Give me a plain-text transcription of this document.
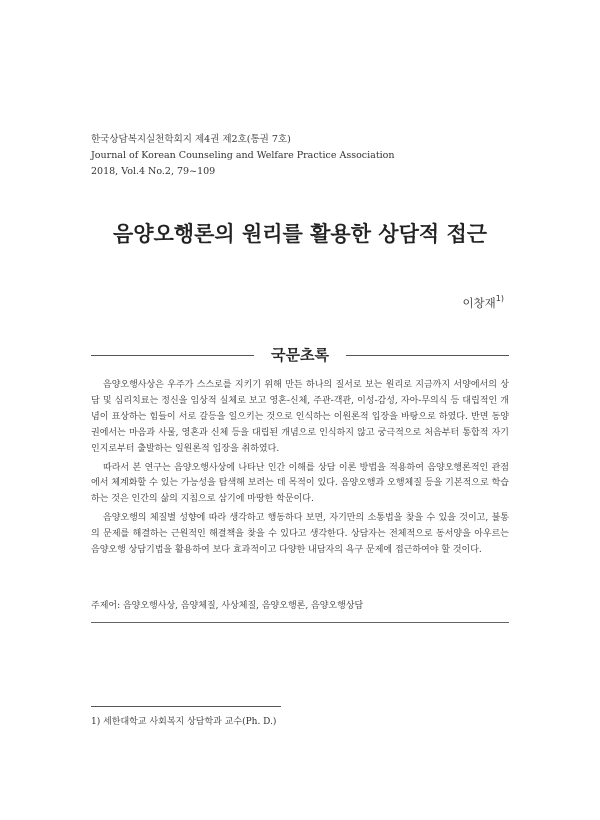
한국상담복지실천학회지 제4권 제2호(통권 7호)
Journal of Korean Counseling and Welfare Practice Association
2018, Vol.4 No.2, 79~109
음양오행론의 원리를 활용한 상담적 접근
이창재$^{1)}$
국문초록

음양오행사상은 우주가 스스로를 지키기 위해 만든 하나의 질서로 보는 원리로 지금까지 서양에서의 상담 및 심리치료는 정신을 임상적 실체로 보고 영혼-신체, 주관-객관, 이성-감성, 자아-무의식 등 대립적인 개념이 표상하는 힘들이 서로 갈등을 일으키는 것으로 인식하는 이원론적 입장을 바탕으로 하였다. 반면 동양권에서는 마음과 사물, 영혼과 신체 등을 대립된 개념으로 인식하지 않고 궁극적으로 처음부터 통합적 자기인지로부터 출발하는 일원론적 입장을 취하였다.

따라서 본 연구는 음양오행사상에 나타난 인간 이해를 상담 이론 방법을 적용하여 음양오행론적인 관점에서 체계화할 수 있는 가능성을 탐색해 보려는 데 목적이 있다. 음양오행과 오행체질 등을 기본적으로 학습하는 것은 인간의 삶의 지침으로 삼기에 마땅한 학문이다.

음양오행의 체질별 성향에 따라 생각하고 행동하다 보면, 자기만의 소통법을 찾을 수 있을 것이고, 불통의 문제를 해결하는 근원적인 해결책을 찾을 수 있다고 생각한다. 상담자는 전체적으로 동서양을 아우르는 음양오행 상담기법을 활용하여 보다 효과적이고 다양한 내담자의 욕구 문제에 접근하여야 할 것이다.

주제어: 음양오행사상, 음양체질, 사상체질, 음양오행론, 음양오행상담
1) 세한대학교 사회복지 상담학과 교수(Ph. D.)
